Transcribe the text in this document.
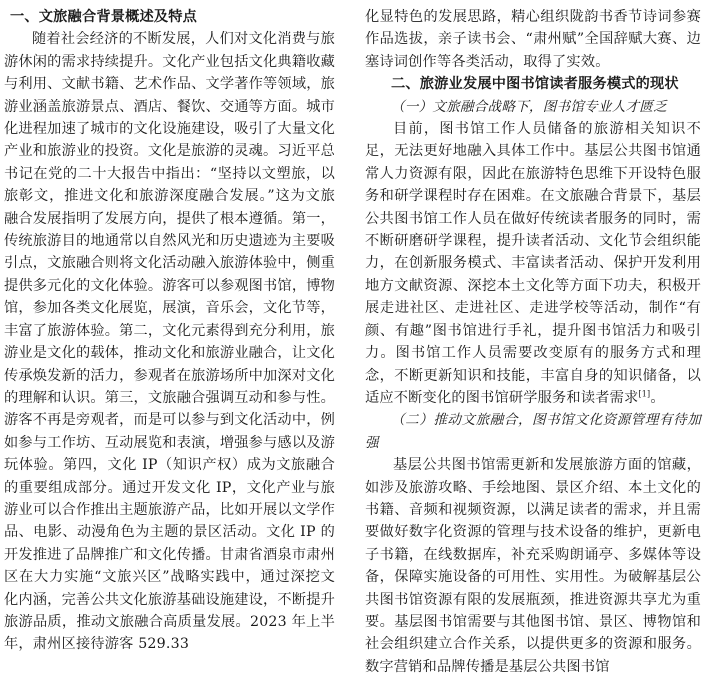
一、文旅融合背景概述及特点

随着社会经济的不断发展，人们对文化消费与旅游休闲的需求持续提升。文化产业包括文化典籍收藏与利用、文献书籍、艺术作品、文学著作等领域，旅游业涵盖旅游景点、酒店、餐饮、交通等方面。城市化进程加速了城市的文化设施建设，吸引了大量文化产业和旅游业的投资。文化是旅游的灵魂。习近平总书记在党的二十大报告中指出：“坚持以文塑旅，以旅彰文，推进文化和旅游深度融合发展。”这为文旅融合发展指明了发展方向，提供了根本遵循。第一，传统旅游目的地通常以自然风光和历史遗迹为主要吸引点，文旅融合则将文化活动融入旅游体验中，侧重提供多元化的文化体验。游客可以参观图书馆，博物馆，参加各类文化展览，展演，音乐会，文化节等，丰富了旅游体验。第二，文化元素得到充分利用，旅游业是文化的载体，推动文化和旅游业融合，让文化传承焕发新的活力，参观者在旅游场所中加深对文化的理解和认识。第三，文旅融合强调互动和参与性。游客不再是旁观者，而是可以参与到文化活动中，例如参与工作坊、互动展览和表演，增强参与感以及游玩体验。第四，文化 IP（知识产权）成为文旅融合的重要组成部分。通过开发文化 IP，文化产业与旅游业可以合作推出主题旅游产品，比如开展以文学作品、电影、动漫角色为主题的景区活动。文化 IP 的开发推进了品牌推广和文化传播。甘肃省酒泉市肃州区在大力实施“文旅兴区”战略实践中，通过深挖文化内涵，完善公共文化旅游基础设施建设，不断提升旅游品质，推动文旅融合高质量发展。2023 年上半年，肃州区接待游客 529.33

化显特色的发展思路，精心组织陇韵书香节诗词参赛作品选拔，亲子读书会、“肃州赋”全国辞赋大赛、边塞诗词创作等各类活动，取得了实效。

二、旅游业发展中图书馆读者服务模式的现状

（一）文旅融合战略下，图书馆专业人才匮乏

目前，图书馆工作人员储备的旅游相关知识不足，无法更好地融入具体工作中。基层公共图书馆通常人力资源有限，因此在旅游特色思维下开设特色服务和研学课程时存在困难。在文旅融合背景下，基层公共图书馆工作人员在做好传统读者服务的同时，需不断研磨研学课程，提升读者活动、文化节会组织能力，在创新服务模式、丰富读者活动、保护开发利用地方文献资源、深挖本土文化等方面下功夫，积极开展走进社区、走进社区、走进学校等活动，制作“有颜、有趣”图书馆进行手礼，提升图书馆活力和吸引力。图书馆工作人员需要改变原有的服务方式和理念，不断更新知识和技能，丰富自身的知识储备，以适应不断变化的图书馆研学服务和读者需求[1]。

（二）推动文旅融合，图书馆文化资源管理有待加强

基层公共图书馆需更新和发展旅游方面的馆藏，如涉及旅游攻略、手绘地图、景区介绍、本土文化的书籍、音频和视频资源，以满足读者的需求，并且需要做好数字化资源的管理与技术设备的维护，更新电子书籍，在线数据库，补充采购朗诵亭、多媒体等设备，保障实施设备的可用性、实用性。为破解基层公共图书馆资源有限的发展瓶颈，推进资源共享尤为重要。基层图书馆需要与其他图书馆、景区、博物馆和社会组织建立合作关系，以提供更多的资源和服务。数字营销和品牌传播是基层公共图书馆
